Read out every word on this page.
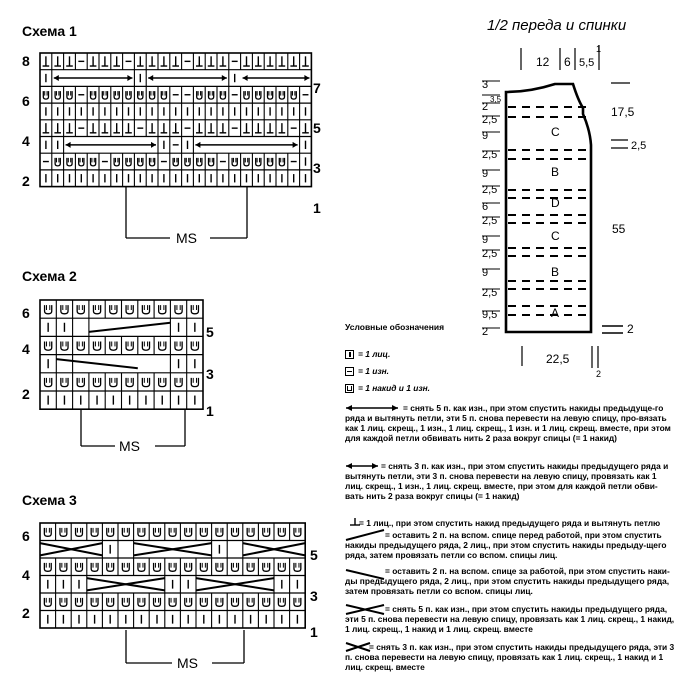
Схема 1
8
6
4
2
7
5
3
1
MS
Схема 2
6
4
2
5
3
1
MS
Схема 3
6
4
2
5
3
1
MS
1/2 переда и спинки
12 6 5,5
1
C
B
D
C
B
A
3
3,5
2
2,5
9
2,5
9
2,5
6
2,5
9
2,5
9
2,5
9,5
2
17,5
2,5
55
2
22,5
2
Условные обозначения
= 1 лиц.
= 1 изн.
= 1 накид и 1 изн.
= снять 5 п. как изн., при этом спустить накиды предыдуще-го ряда и вытянуть петли, эти 5 п. снова перевести на левую спицу, про-вязать как 1 лиц. скрещ., 1 изн., 1 лиц. скрещ., 1 изн. и 1 лиц. скрещ. вместе, при этом для каждой петли обвивать нить 2 раза вокруг спицы (= 1 накид)
= снять 3 п. как изн., при этом спустить накиды предыдущего ряда и вытянуть петли, эти 3 п. снова перевести на левую спицу, провязать как 1 лиц. скрещ., 1 изн., 1 лиц. скрещ. вместе, при этом для каждой петли обви-вать нить 2 раза вокруг спицы (= 1 накид)
= 1 лиц., при этом спустить накид предыдущего ряда и вытянуть петлю
= оставить 2 п. на вспом. спице перед работой, при этом спустить накиды предыдущего ряда, 2 лиц., при этом спустить накиды предыду-щего ряда, затем провязать петли со вспом. спицы лиц.
= оставить 2 п. на вспом. спице за работой, при этом спустить наки-ды предыдущего ряда, 2 лиц., при этом спустить накиды предыдущего ряда, затем провязать петли со вспом. спицы лиц.
= снять 5 п. как изн., при этом спустить накиды предыдущего ряда, эти 5 п. снова перевести на левую спицу, провязать как 1 лиц. скрещ., 1 накид, 1 лиц. скрещ., 1 накид и 1 лиц. скрещ. вместе
= снять 3 п. как изн., при этом спустить накиды предыдущего ряда, эти 3 п. снова перевести на левую спицу, провязать как 1 лиц. скрещ., 1 накид и 1 лиц. скрещ. вместе
